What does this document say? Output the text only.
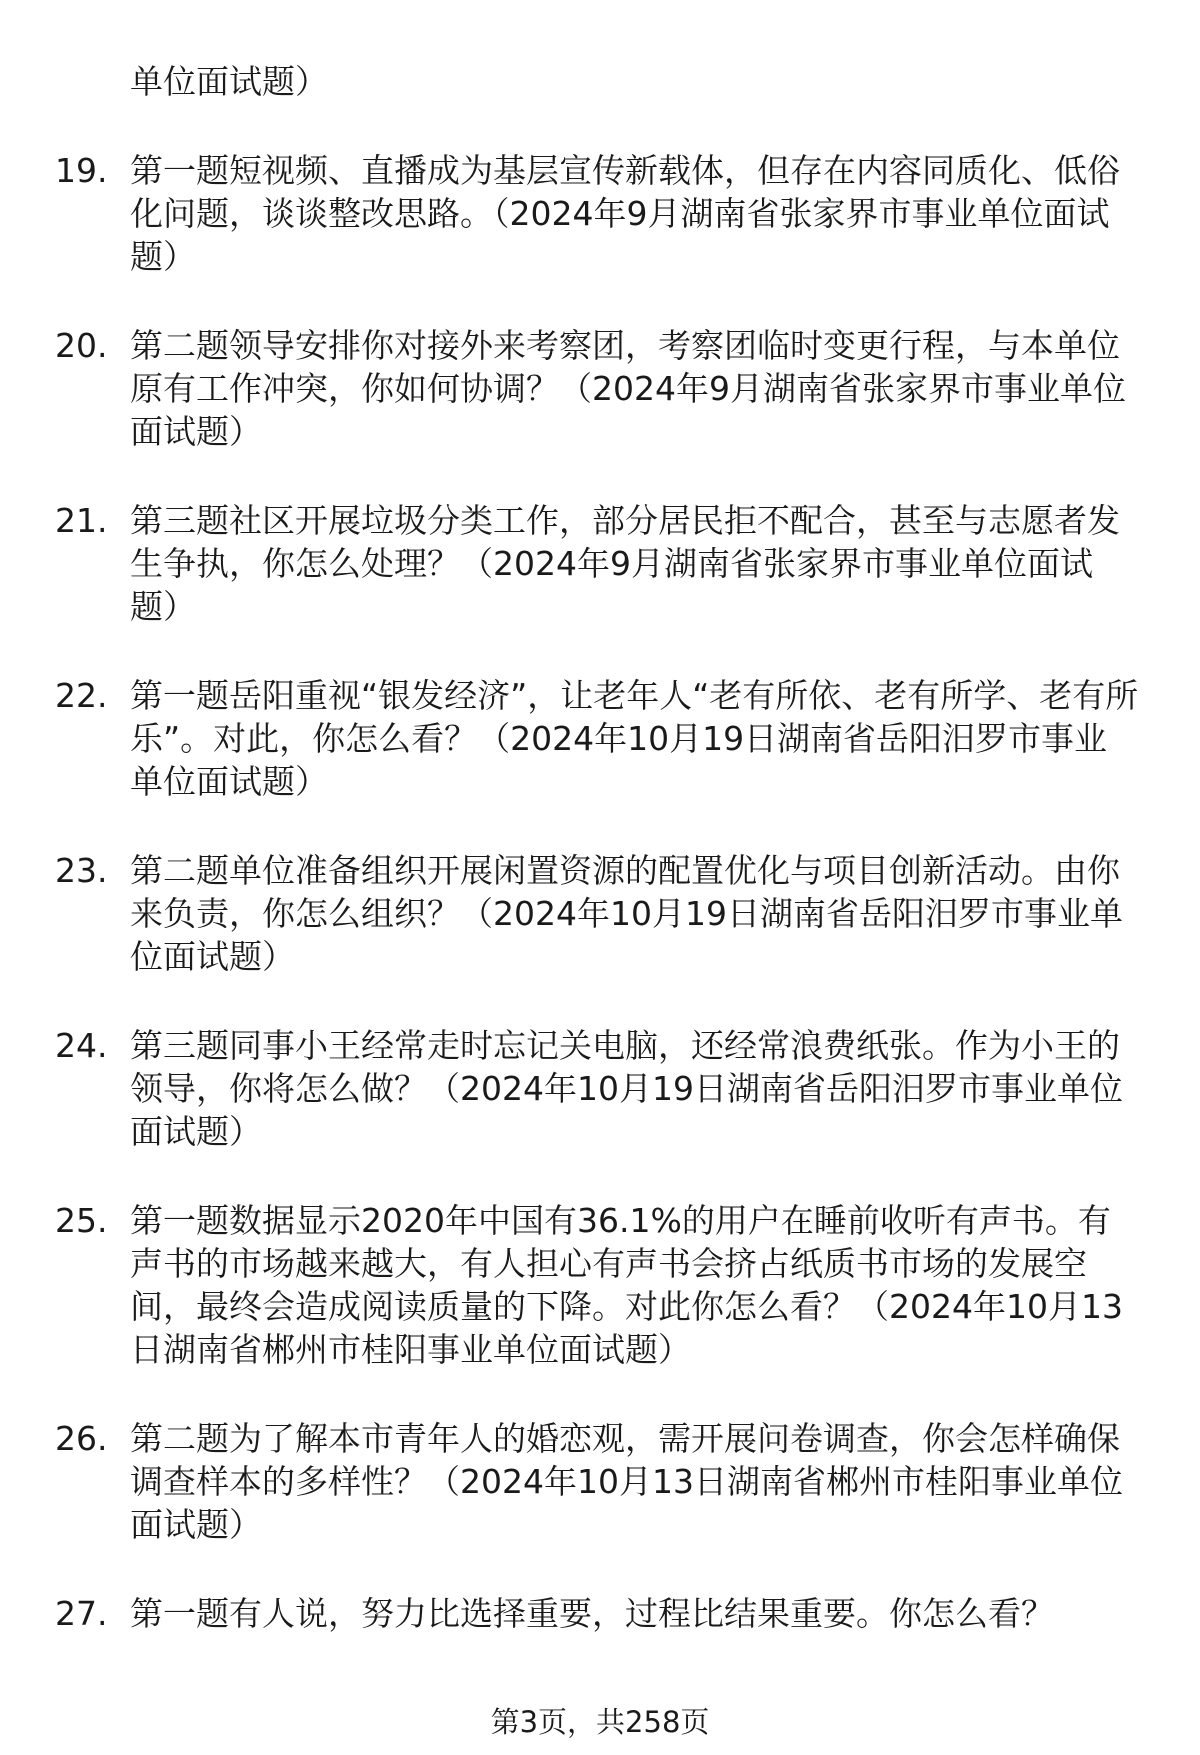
单位面试题）
19. 第一题短视频、直播成为基层宣传新载体，但存在内容同质化、低俗化问题，谈谈整改思路。（2024年9月湖南省张家界市事业单位面试题）
20. 第二题领导安排你对接外来考察团，考察团临时变更行程，与本单位原有工作冲突，你如何协调？（2024年9月湖南省张家界市事业单位面试题）
21. 第三题社区开展垃圾分类工作，部分居民拒不配合，甚至与志愿者发生争执，你怎么处理？（2024年9月湖南省张家界市事业单位面试题）
22. 第一题岳阳重视“银发经济”，让老年人“老有所依、老有所学、老有所乐”。对此，你怎么看？（2024年10月19日湖南省岳阳汨罗市事业单位面试题）
23. 第二题单位准备组织开展闲置资源的配置优化与项目创新活动。由你来负责，你怎么组织？（2024年10月19日湖南省岳阳汨罗市事业单位面试题）
24. 第三题同事小王经常走时忘记关电脑，还经常浪费纸张。作为小王的领导，你将怎么做？（2024年10月19日湖南省岳阳汨罗市事业单位面试题）
25. 第一题数据显示2020年中国有36.1%的用户在睡前收听有声书。有声书的市场越来越大，有人担心有声书会挤占纸质书市场的发展空间，最终会造成阅读质量的下降。对此你怎么看？（2024年10月13日湖南省郴州市桂阳事业单位面试题）
26. 第二题为了解本市青年人的婚恋观，需开展问卷调查，你会怎样确保调查样本的多样性？（2024年10月13日湖南省郴州市桂阳事业单位面试题）
27. 第一题有人说，努力比选择重要，过程比结果重要。你怎么看？
第3页，共258页
